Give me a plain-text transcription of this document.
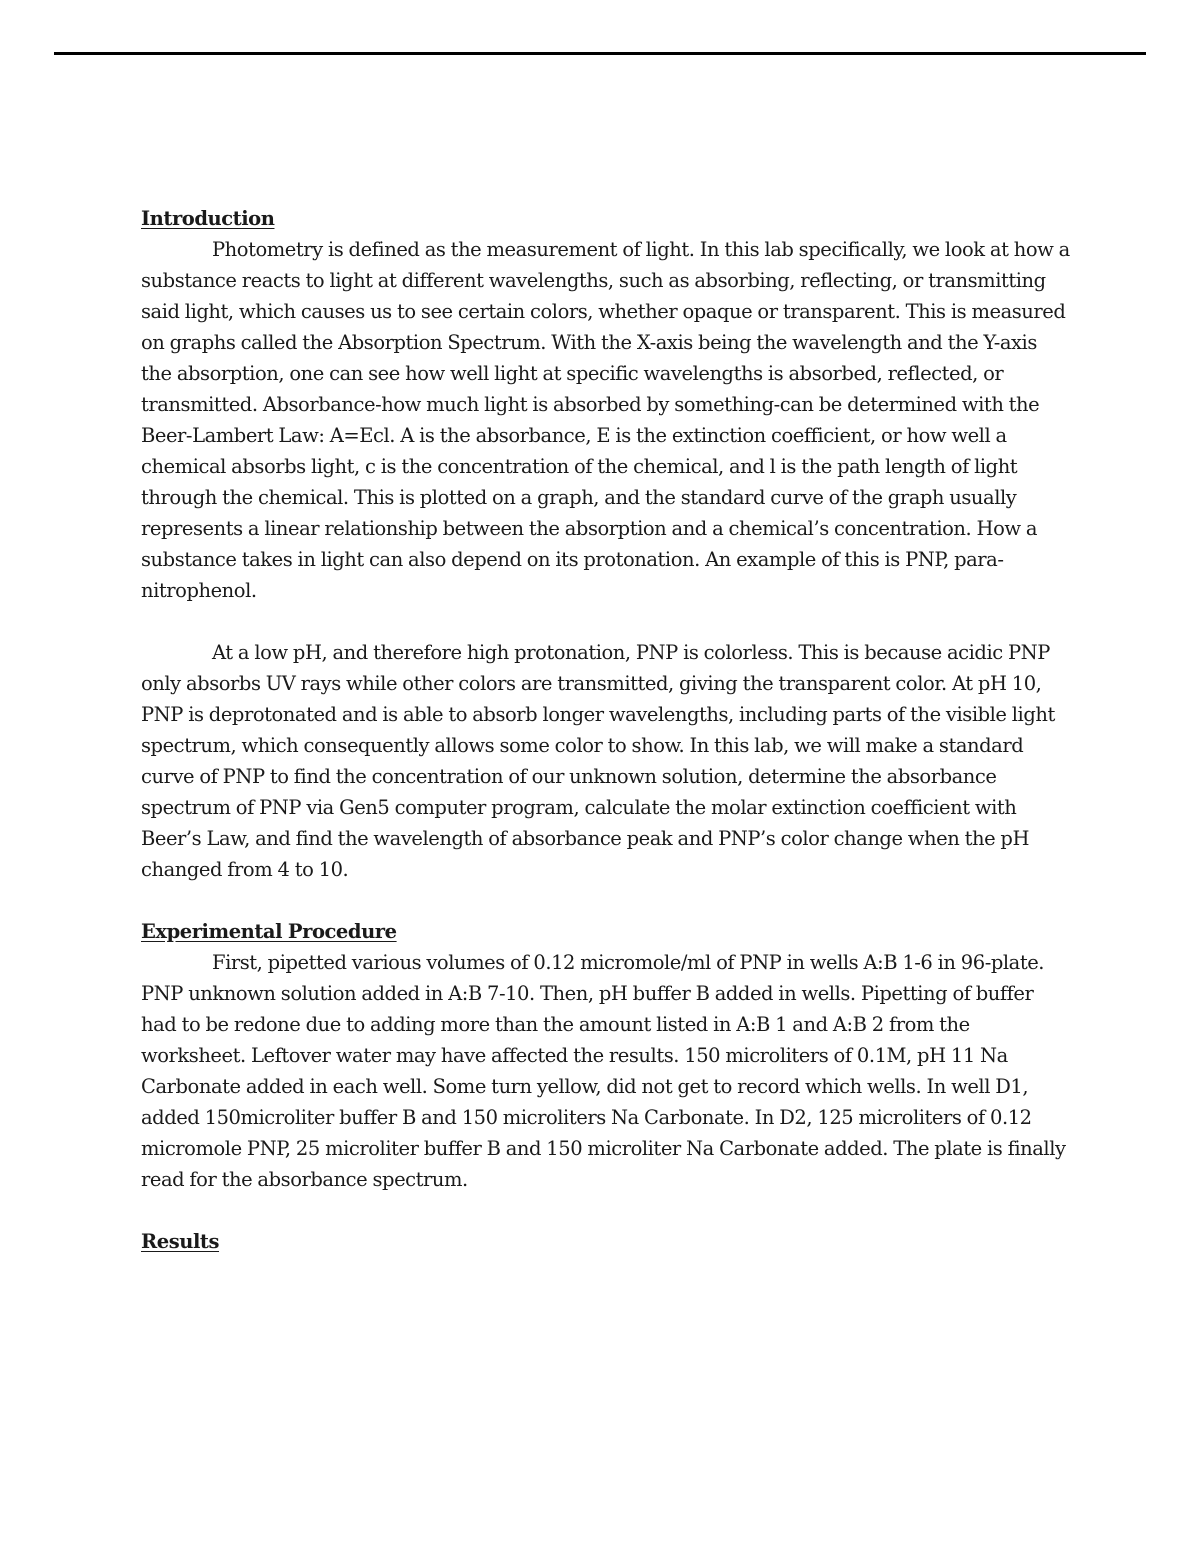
Introduction

Photometry is defined as the measurement of light. In this lab specifically, we look at how a substance reacts to light at different wavelengths, such as absorbing, reflecting, or transmitting said light, which causes us to see certain colors, whether opaque or transparent. This is measured on graphs called the Absorption Spectrum. With the X-axis being the wavelength and the Y-axis the absorption, one can see how well light at specific wavelengths is absorbed, reflected, or transmitted. Absorbance-how much light is absorbed by something-can be determined with the Beer-Lambert Law: A=Ecl. A is the absorbance, E is the extinction coefficient, or how well a chemical absorbs light, c is the concentration of the chemical, and l is the path length of light through the chemical. This is plotted on a graph, and the standard curve of the graph usually represents a linear relationship between the absorption and a chemical’s concentration. How a substance takes in light can also depend on its protonation. An example of this is PNP, para-nitrophenol.

At a low pH, and therefore high protonation, PNP is colorless. This is because acidic PNP only absorbs UV rays while other colors are transmitted, giving the transparent color. At pH 10, PNP is deprotonated and is able to absorb longer wavelengths, including parts of the visible light spectrum, which consequently allows some color to show. In this lab, we will make a standard curve of PNP to find the concentration of our unknown solution, determine the absorbance spectrum of PNP via Gen5 computer program, calculate the molar extinction coefficient with Beer’s Law, and find the wavelength of absorbance peak and PNP’s color change when the pH changed from 4 to 10.

Experimental Procedure

First, pipetted various volumes of 0.12 micromole/ml of PNP in wells A:B 1-6 in 96-plate. PNP unknown solution added in A:B 7-10. Then, pH buffer B added in wells. Pipetting of buffer had to be redone due to adding more than the amount listed in A:B 1 and A:B 2 from the worksheet. Leftover water may have affected the results. 150 microliters of 0.1M, pH 11 Na Carbonate added in each well. Some turn yellow, did not get to record which wells. In well D1, added 150microliter buffer B and 150 microliters Na Carbonate. In D2, 125 microliters of 0.12 micromole PNP, 25 microliter buffer B and 150 microliter Na Carbonate added. The plate is finally read for the absorbance spectrum.

Results
